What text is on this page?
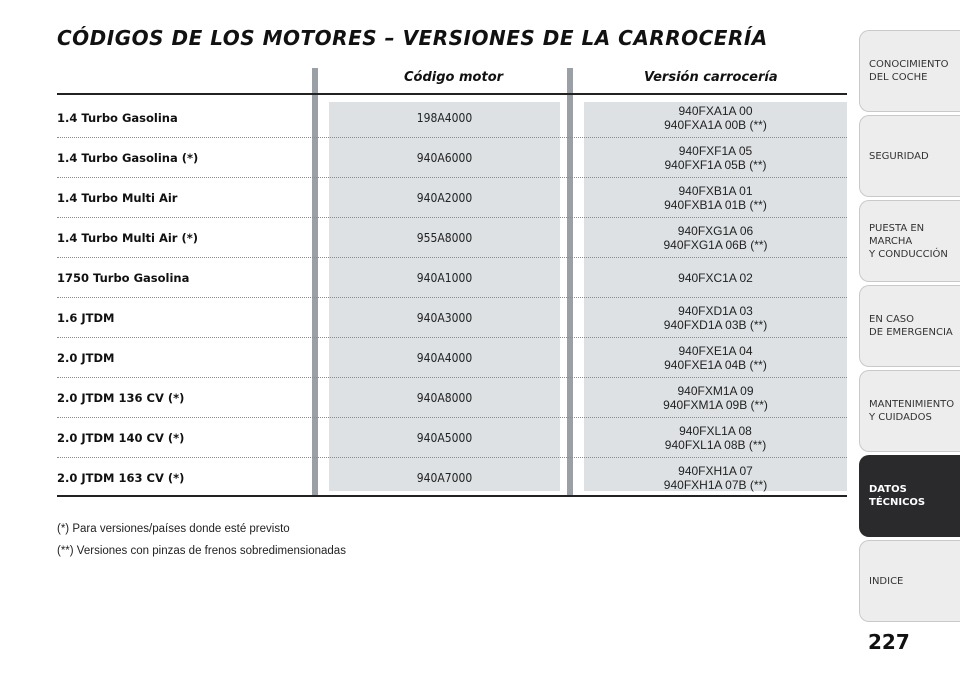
CÓDIGOS DE LOS MOTORES – VERSIONES DE LA CARROCERÍA
Código motor	Versión carrocería
1.4 Turbo Gasolina	198A4000	940FXA1A 00
940FXA1A 00B (**)
1.4 Turbo Gasolina (*)	940A6000	940FXF1A 05
940FXF1A 05B (**)
1.4 Turbo Multi Air	940A2000	940FXB1A 01
940FXB1A 01B (**)
1.4 Turbo Multi Air (*)	955A8000	940FXG1A 06
940FXG1A 06B (**)
1750 Turbo Gasolina	940A1000	940FXC1A 02
1.6 JTDM	940A3000	940FXD1A 03
940FXD1A 03B (**)
2.0 JTDM	940A4000	940FXE1A 04
940FXE1A 04B (**)
2.0 JTDM 136 CV (*)	940A8000	940FXM1A 09
940FXM1A 09B (**)
2.0 JTDM 140 CV (*)	940A5000	940FXL1A 08
940FXL1A 08B (**)
2.0 JTDM 163 CV (*)	940A7000	940FXH1A 07
940FXH1A 07B (**)
(*) Para versiones/países donde esté previsto
(**) Versiones con pinzas de frenos sobredimensionadas
CONOCIMIENTO
DEL COCHE
SEGURIDAD
PUESTA EN MARCHA
Y CONDUCCIÓN
EN CASO
DE EMERGENCIA
MANTENIMIENTO
Y CUIDADOS
DATOS TÉCNICOS
INDICE
227
